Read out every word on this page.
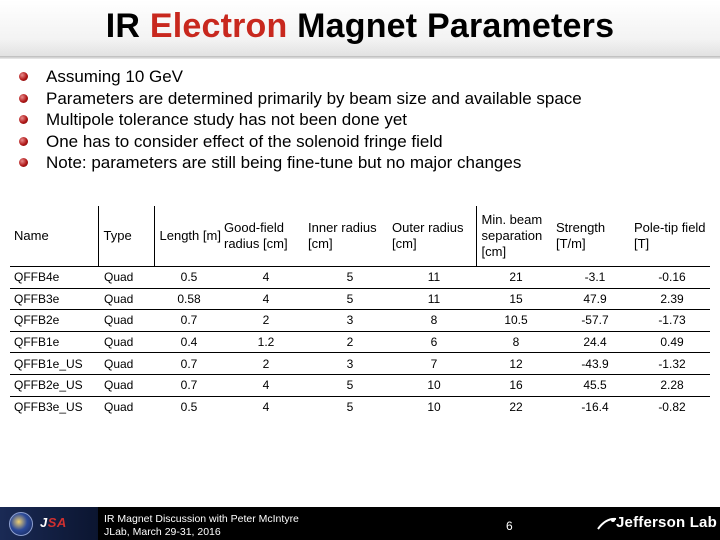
IR Electron Magnet Parameters
Assuming 10 GeV
Parameters are determined primarily by beam size and available space
Multipole tolerance study has not been done yet
One has to consider effect of the solenoid fringe field
Note: parameters are still being fine-tune but no major changes
Name	Type	Length [m]	Good-field radius [cm]	Inner radius [cm]	Outer radius [cm]	Min. beam separation [cm]	Strength [T/m]	Pole-tip field [T]
QFFB4e	Quad	0.5	4	5	11	21	-3.1	-0.16
QFFB3e	Quad	0.58	4	5	11	15	47.9	2.39
QFFB2e	Quad	0.7	2	3	8	10.5	-57.7	-1.73
QFFB1e	Quad	0.4	1.2	2	6	8	24.4	0.49
QFFB1e_US	Quad	0.7	2	3	7	12	-43.9	-1.32
QFFB2e_US	Quad	0.7	4	5	10	16	45.5	2.28
QFFB3e_US	Quad	0.5	4	5	10	22	-16.4	-0.82
JSA	IR Magnet Discussion with Peter McIntyre
JLab, March 29-31, 2016	6	Jefferson Lab
